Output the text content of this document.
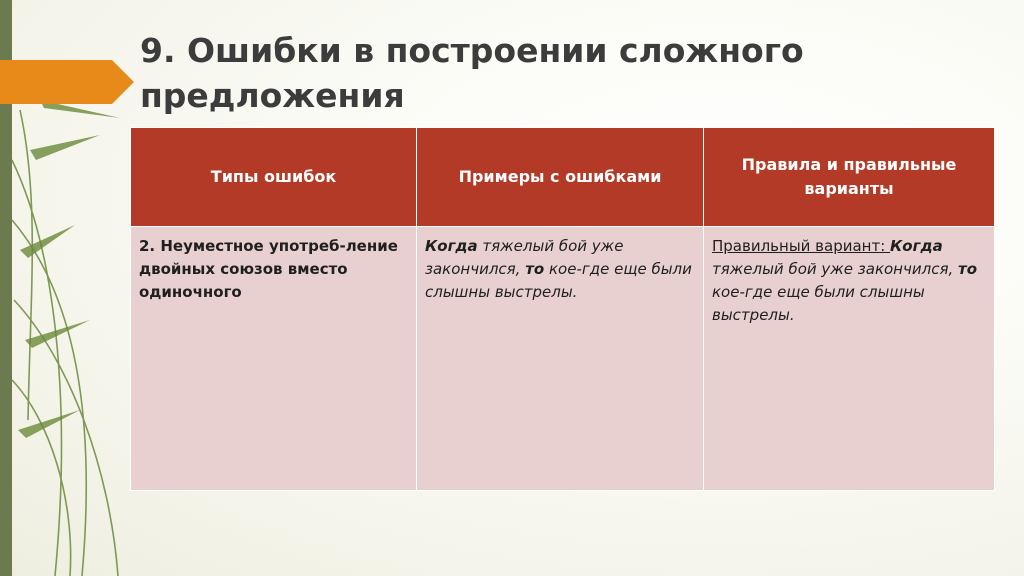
9. Ошибки в построении сложного предложения
Типы ошибок	Примеры с ошибками	Правила и правильные варианты
2. Неуместное употреб-ление двойных союзов вместо одиночного	Когда тяжелый бой уже закончился, то кое-где еще были слышны выстрелы.	Правильный вариант: Когда тяжелый бой уже закончился, то кое-где еще были слышны выстрелы.
